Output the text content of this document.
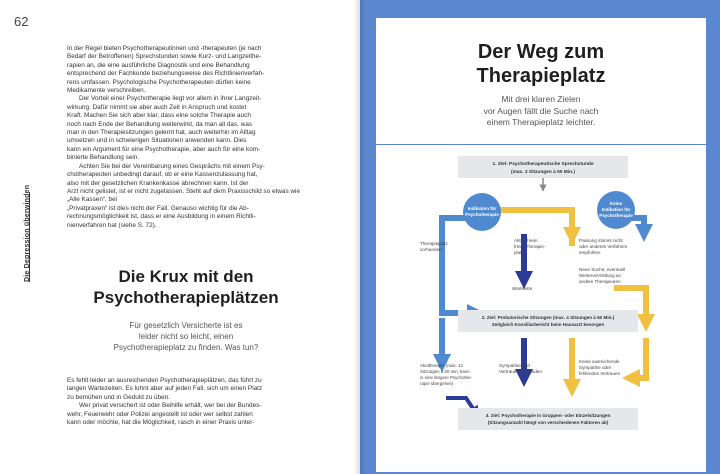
62
Die Depression überwinden

In der Regel bieten Psychotherapeutinnen und -therapeuten (je nach
Bedarf der Betroffenen) Sprechstunden sowie Kurz- und Langzeithe-
rapien an, die eine ausführliche Diagnostik und eine Behandlung
entsprechend der Fachkunde beziehungsweise des Richtlinienverfah-
rens umfassen. Psychologische Psychotherapeuten dürfen keine
Medikamente verschreiben.

Der Vorteil einer Psychotherapie liegt vor allem in ihrer Langzeit-
wirkung. Dafür nimmt sie aber auch Zeit in Anspruch und kostet
Kraft. Machen Sie sich aber klar, dass eine solche Therapie auch
noch nach Ende der Behandlung weiterwirkt, da man all das, was
man in den Therapiesitzungen gelernt hat, auch weiterhin im Alltag
umsetzen und in schwierigen Situationen anwenden kann. Dies
kann ein Argument für eine Psychotherapie, aber auch für eine kom-
binierte Behandlung sein.

Achten Sie bei der Vereinbarung eines Gesprächs mit einem Psy-
chotherapeuten unbedingt darauf, ob er eine Kassenzulassung hat,
also mit der gesetzlichen Krankenkasse abrechnen kann. Ist der
Arzt nicht gelistet, ist er nicht zugelassen. Steht auf dem Praxisschild so etwas wie „Alle Kassen“, bei
„Privatpraxen“ ist dies nicht der Fall. Genauso wichtig für die Ab-
rechnungsmöglichkeit ist, dass er eine Ausbildung in einem Richtli-
nienverfahren hat (siehe S. 72).

Die Krux mit den
Psychotherapieplätzen
Für gesetzlich Versicherte ist es
leider nicht so leicht, einen
Psychotherapieplatz zu finden. Was tun?

Es fehlt leider an ausreichenden Psychotherapieplätzen, das führt zu
langen Wartezeiten. Es lohnt aber auf jeden Fall, sich um einen Platz
zu bemühen und in Geduld zu üben.

Wer privat versichert ist oder Beihilfe erhält, wer bei der Bundes-
wehr, Feuerwehr oder Polizei angestellt ist oder wer selbst zahlen
kann oder möchte, hat die Möglichkeit, rasch in einer Praxis unter-

Der Weg zum
Therapieplatz
Mit drei klaren Zielen
vor Augen fällt die Suche nach
einem Therapieplatz leichter.
1. Ziel: Psychotherapeutische Sprechstunde
(max. 3 Sitzungen à 50 Min.)
Indikation für
Psychotherapie
Keine
Indikation für
Psychotherapie
Therapieplatz
vorhanden
Aktuell kein
freier Therapie-
platz
Passung stimmt nicht
oder anderes Verfahren
empfohlen
Neue Suche; eventuell
Weitervermittlung an
andere Therapeuten
Warteliste
2. Ziel: Probatorische Sitzungen (max. 4 Sitzungen à 50 Min.)
Zeitgleich Konsiliarbericht beim Hausarzt besorgen
Akuttherapie (max. 12
Sitzungen à 50 min; kann
in eine längere Psychothe-
rapie übergehen)
Sympathie und
Vertrauen vorhanden
Keine ausreichende
Sympathie oder
fehlendes Vertrauen
3. Ziel: Psychotherapie in Gruppen- oder Einzelsitzungen
(Sitzungsanzahl hängt von verschiedenen Faktoren ab)
